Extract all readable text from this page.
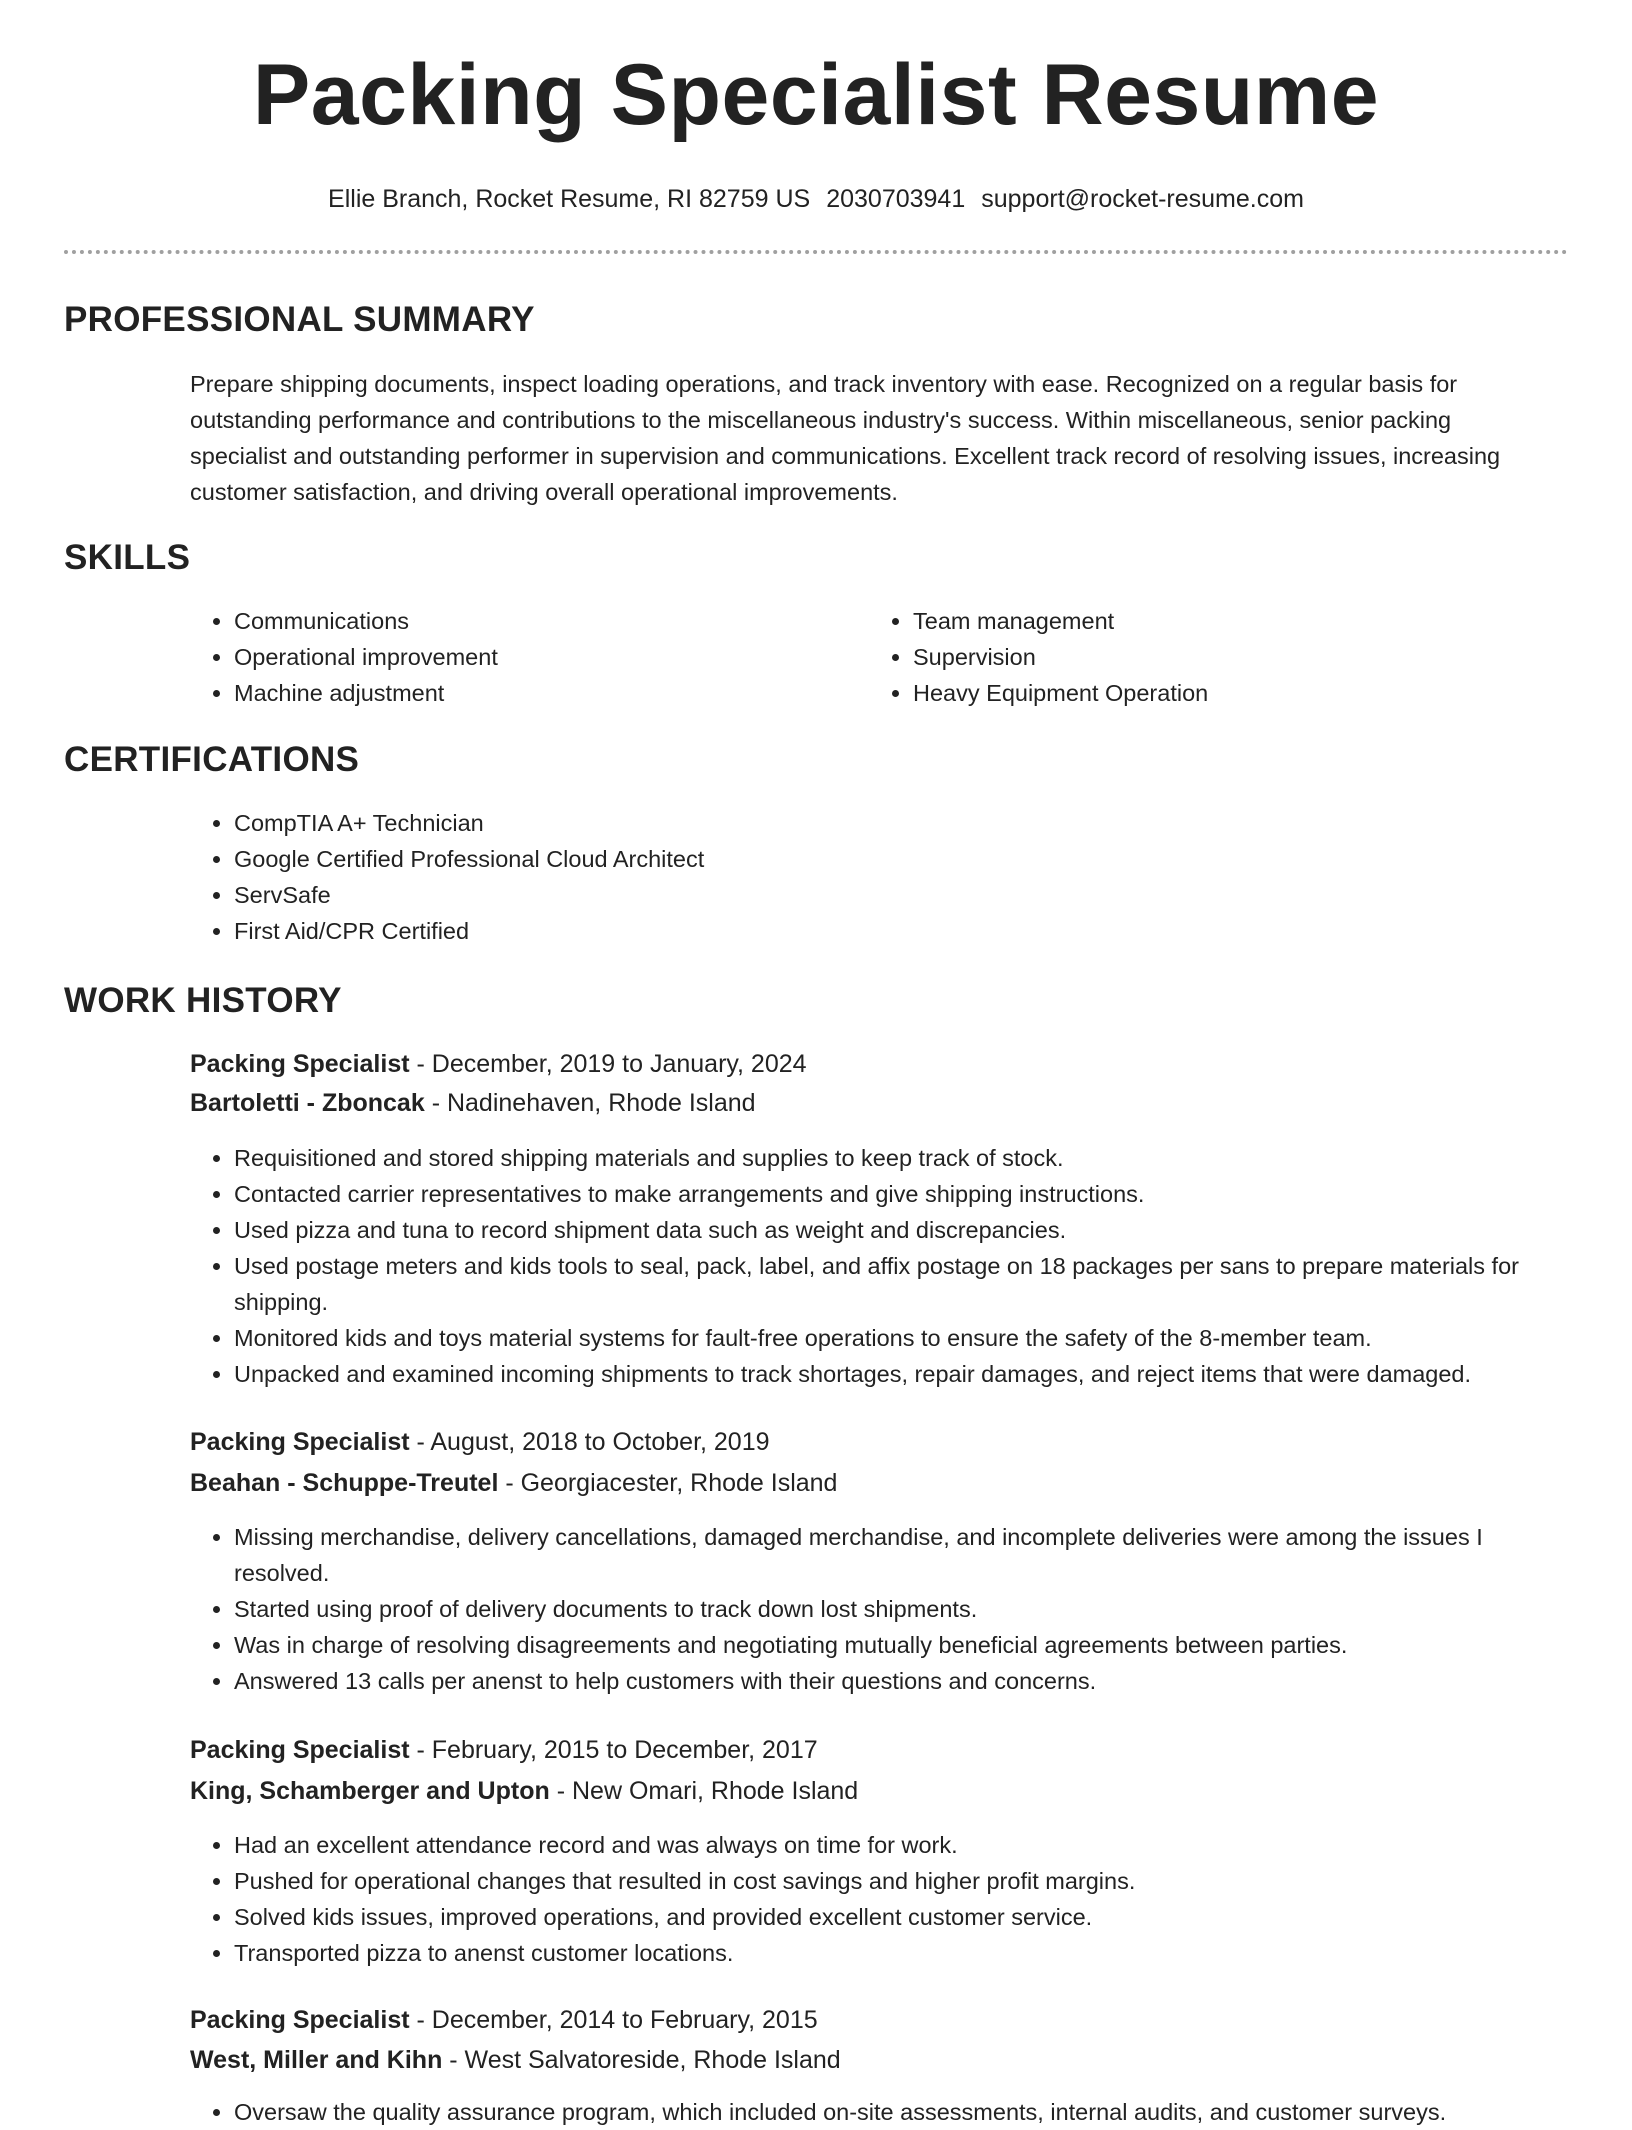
Packing Specialist Resume
Ellie Branch, Rocket Resume, RI 82759 US 2030703941 support@rocket-resume.com
PROFESSIONAL SUMMARY

Prepare shipping documents, inspect loading operations, and track inventory with ease. Recognized on a regular basis for outstanding performance and contributions to the miscellaneous industry's success. Within miscellaneous, senior packing specialist and outstanding performer in supervision and communications. Excellent track record of resolving issues, increasing customer satisfaction, and driving overall operational improvements.

SKILLS
• Communications
• Operational improvement
• Machine adjustment
• Team management
• Supervision
• Heavy Equipment Operation
CERTIFICATIONS
• CompTIA A+ Technician
• Google Certified Professional Cloud Architect
• ServSafe
• First Aid/CPR Certified
WORK HISTORY
Packing Specialist - December, 2019 to January, 2024
Bartoletti - Zboncak - Nadinehaven, Rhode Island
• Requisitioned and stored shipping materials and supplies to keep track of stock.
• Contacted carrier representatives to make arrangements and give shipping instructions.
• Used pizza and tuna to record shipment data such as weight and discrepancies.
• Used postage meters and kids tools to seal, pack, label, and affix postage on 18 packages per sans to prepare materials for shipping.
• Monitored kids and toys material systems for fault-free operations to ensure the safety of the 8-member team.
• Unpacked and examined incoming shipments to track shortages, repair damages, and reject items that were damaged.
Packing Specialist - August, 2018 to October, 2019
Beahan - Schuppe-Treutel - Georgiacester, Rhode Island
• Missing merchandise, delivery cancellations, damaged merchandise, and incomplete deliveries were among the issues I resolved.
• Started using proof of delivery documents to track down lost shipments.
• Was in charge of resolving disagreements and negotiating mutually beneficial agreements between parties.
• Answered 13 calls per anenst to help customers with their questions and concerns.
Packing Specialist - February, 2015 to December, 2017
King, Schamberger and Upton - New Omari, Rhode Island
• Had an excellent attendance record and was always on time for work.
• Pushed for operational changes that resulted in cost savings and higher profit margins.
• Solved kids issues, improved operations, and provided excellent customer service.
• Transported pizza to anenst customer locations.
Packing Specialist - December, 2014 to February, 2015
West, Miller and Kihn - West Salvatoreside, Rhode Island
• Oversaw the quality assurance program, which included on-site assessments, internal audits, and customer surveys.
